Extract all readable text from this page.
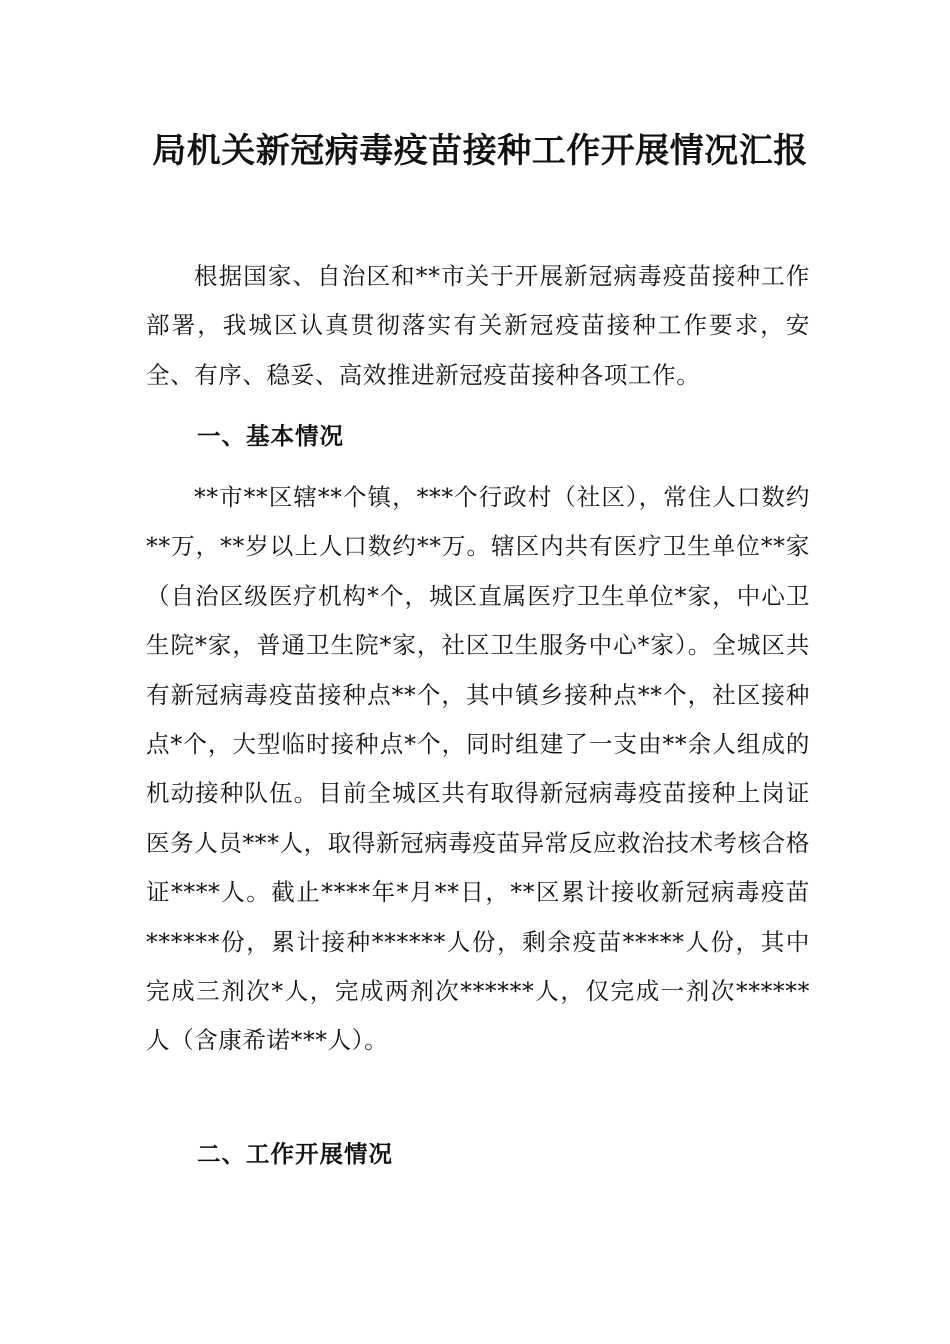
局机关新冠病毒疫苗接种工作开展情况汇报

根据国家、自治区和**市关于开展新冠病毒疫苗接种工作部署，我城区认真贯彻落实有关新冠疫苗接种工作要求，安全、有序、稳妥、高效推进新冠疫苗接种各项工作。

一、基本情况

**市**区辖**个镇，***个行政村（社区），常住人口数约**万，**岁以上人口数约**万。辖区内共有医疗卫生单位**家（自治区级医疗机构*个，城区直属医疗卫生单位*家，中心卫生院*家，普通卫生院*家，社区卫生服务中心*家）。全城区共有新冠病毒疫苗接种点**个，其中镇乡接种点**个，社区接种点*个，大型临时接种点*个，同时组建了一支由**余人组成的机动接种队伍。目前全城区共有取得新冠病毒疫苗接种上岗证医务人员***人，取得新冠病毒疫苗异常反应救治技术考核合格证****人。截止****年*月**日，**区累计接收新冠病毒疫苗******份，累计接种******人份，剩余疫苗*****人份，其中完成三剂次*人，完成两剂次******人，仅完成一剂次******人（含康希诺***人）。

二、工作开展情况
